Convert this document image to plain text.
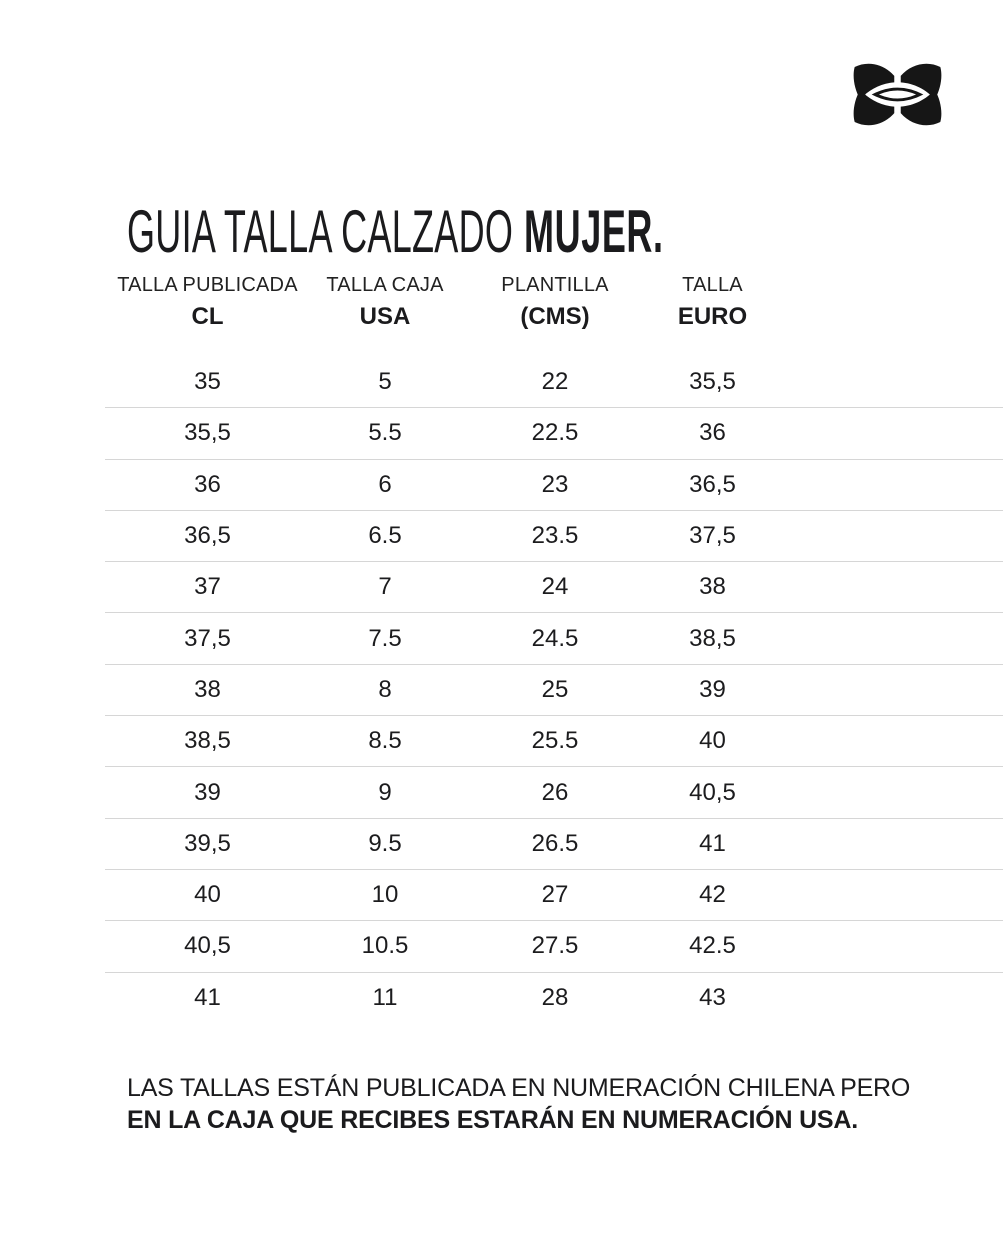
GUIA TALLA CALZADO MUJER.
TALLA PUBLICADA
CL
TALLA CAJA
USA
PLANTILLA
(CMS)
TALLA
EURO
35	5	22	35,5
35,5	5.5	22.5	36
36	6	23	36,5
36,5	6.5	23.5	37,5
37	7	24	38
37,5	7.5	24.5	38,5
38	8	25	39
38,5	8.5	25.5	40
39	9	26	40,5
39,5	9.5	26.5	41
40	10	27	42
40,5	10.5	27.5	42.5
41	11	28	43

LAS TALLAS ESTÁN PUBLICADA EN NUMERACIÓN CHILENA PERO

EN LA CAJA QUE RECIBES ESTARÁN EN NUMERACIÓN USA.
